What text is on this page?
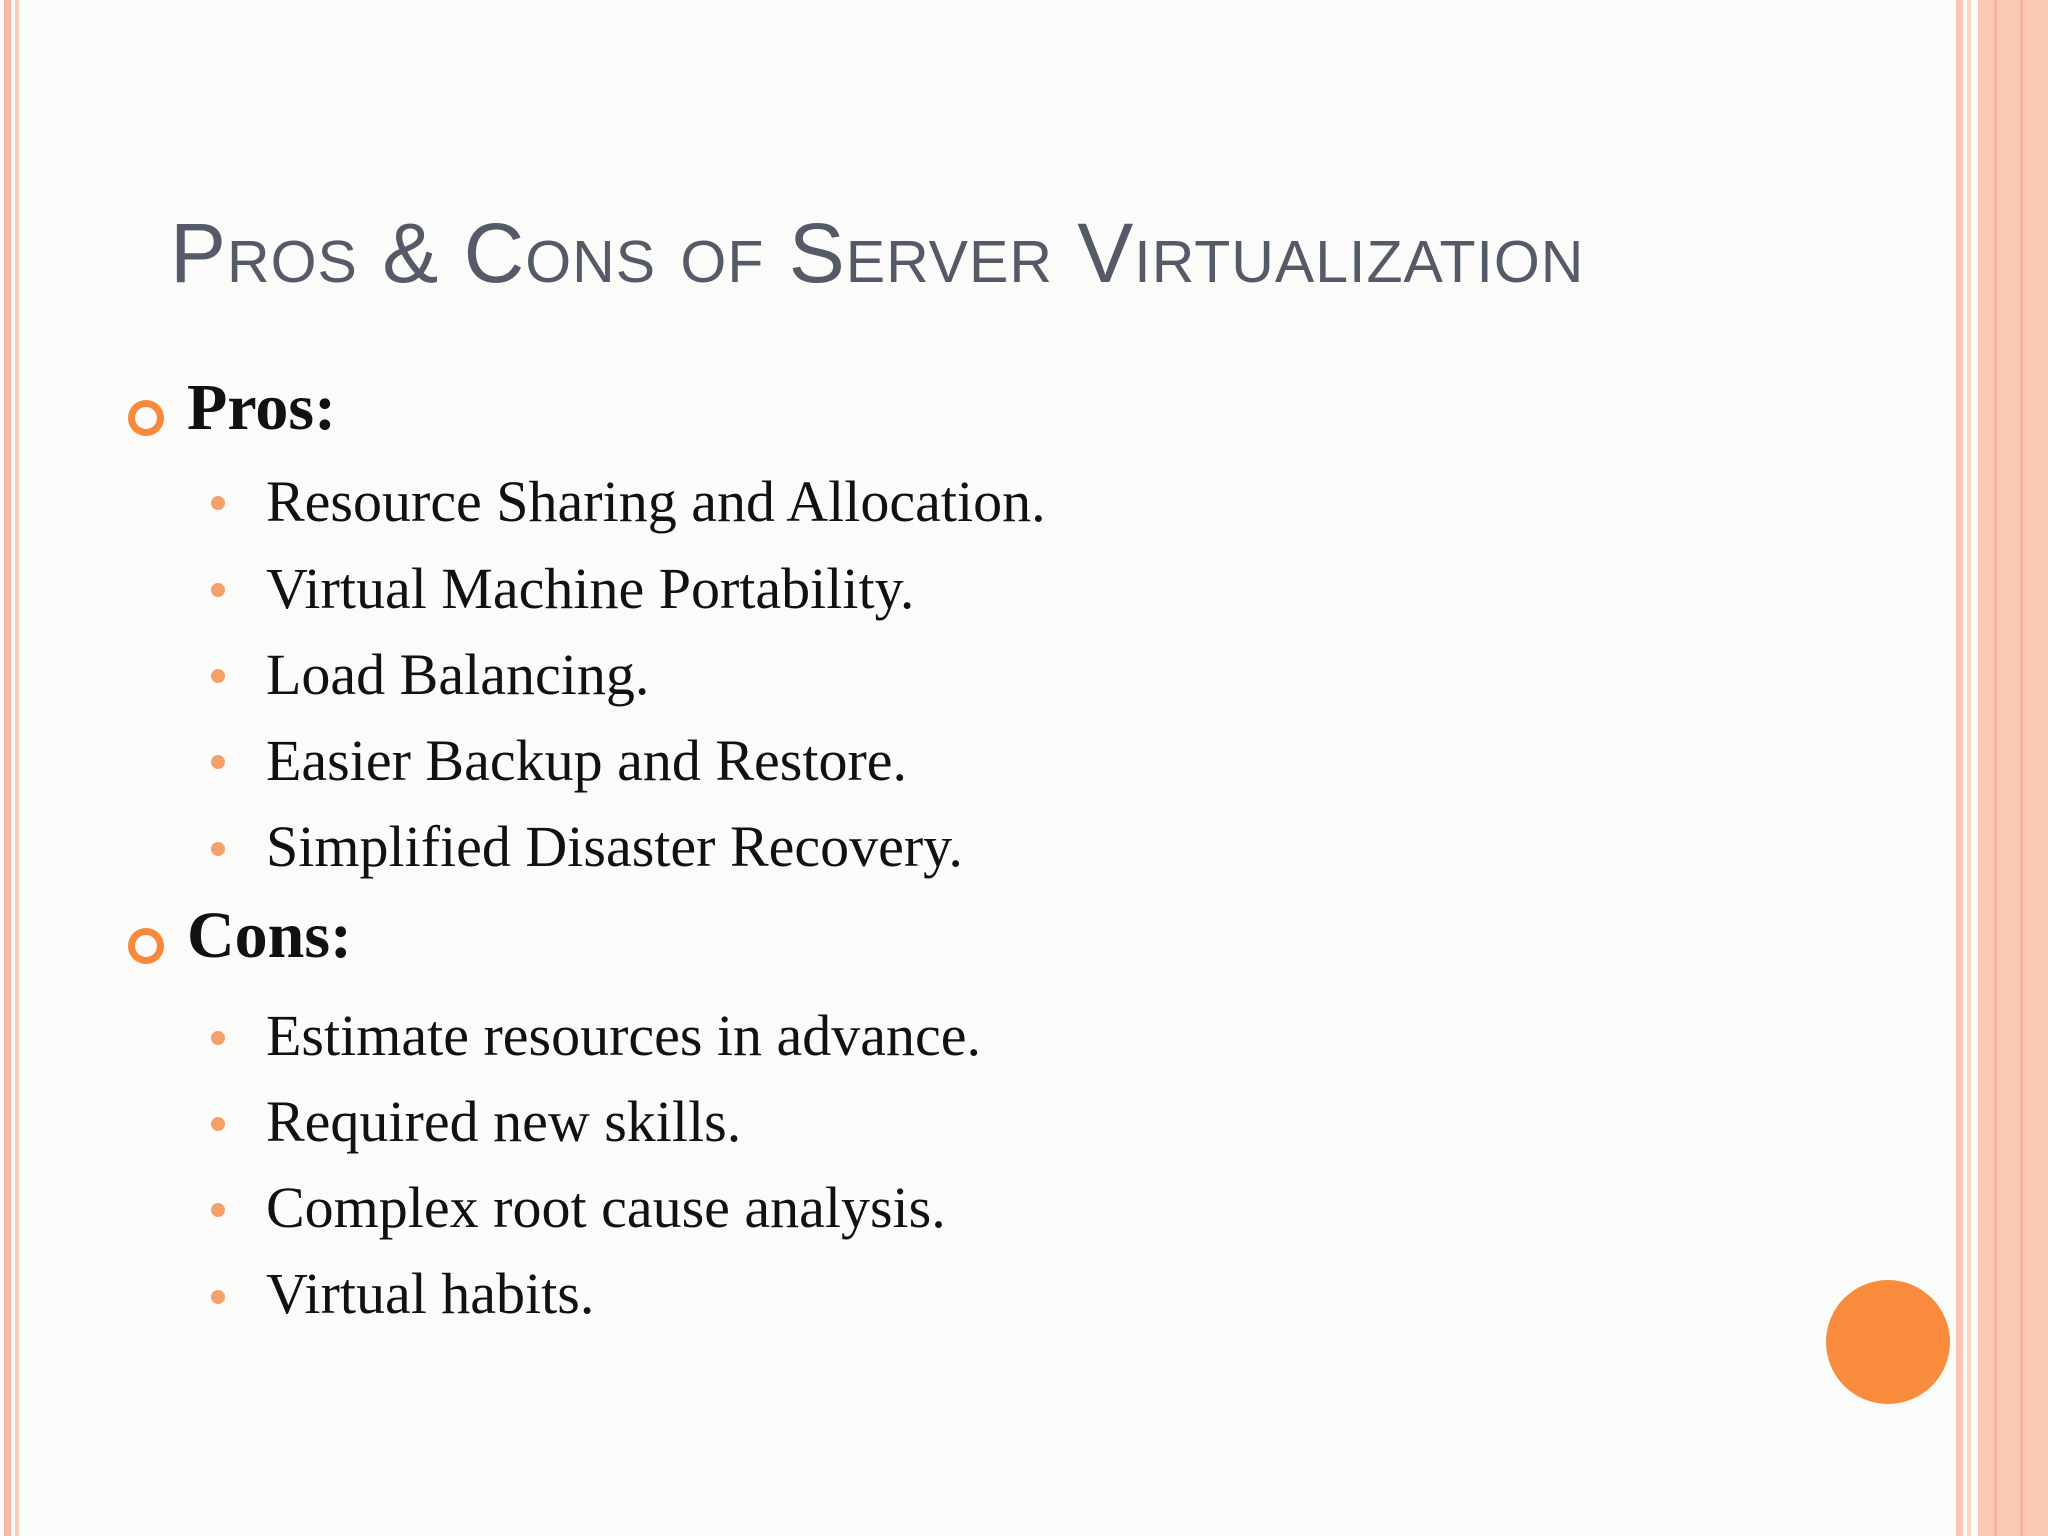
Pros & Cons of Server Virtualization
Pros:
Resource Sharing and Allocation.
Virtual Machine Portability.
Load Balancing.
Easier Backup and Restore.
Simplified Disaster Recovery.
Cons:
Estimate resources in advance.
Required new skills.
Complex root cause analysis.
Virtual habits.
